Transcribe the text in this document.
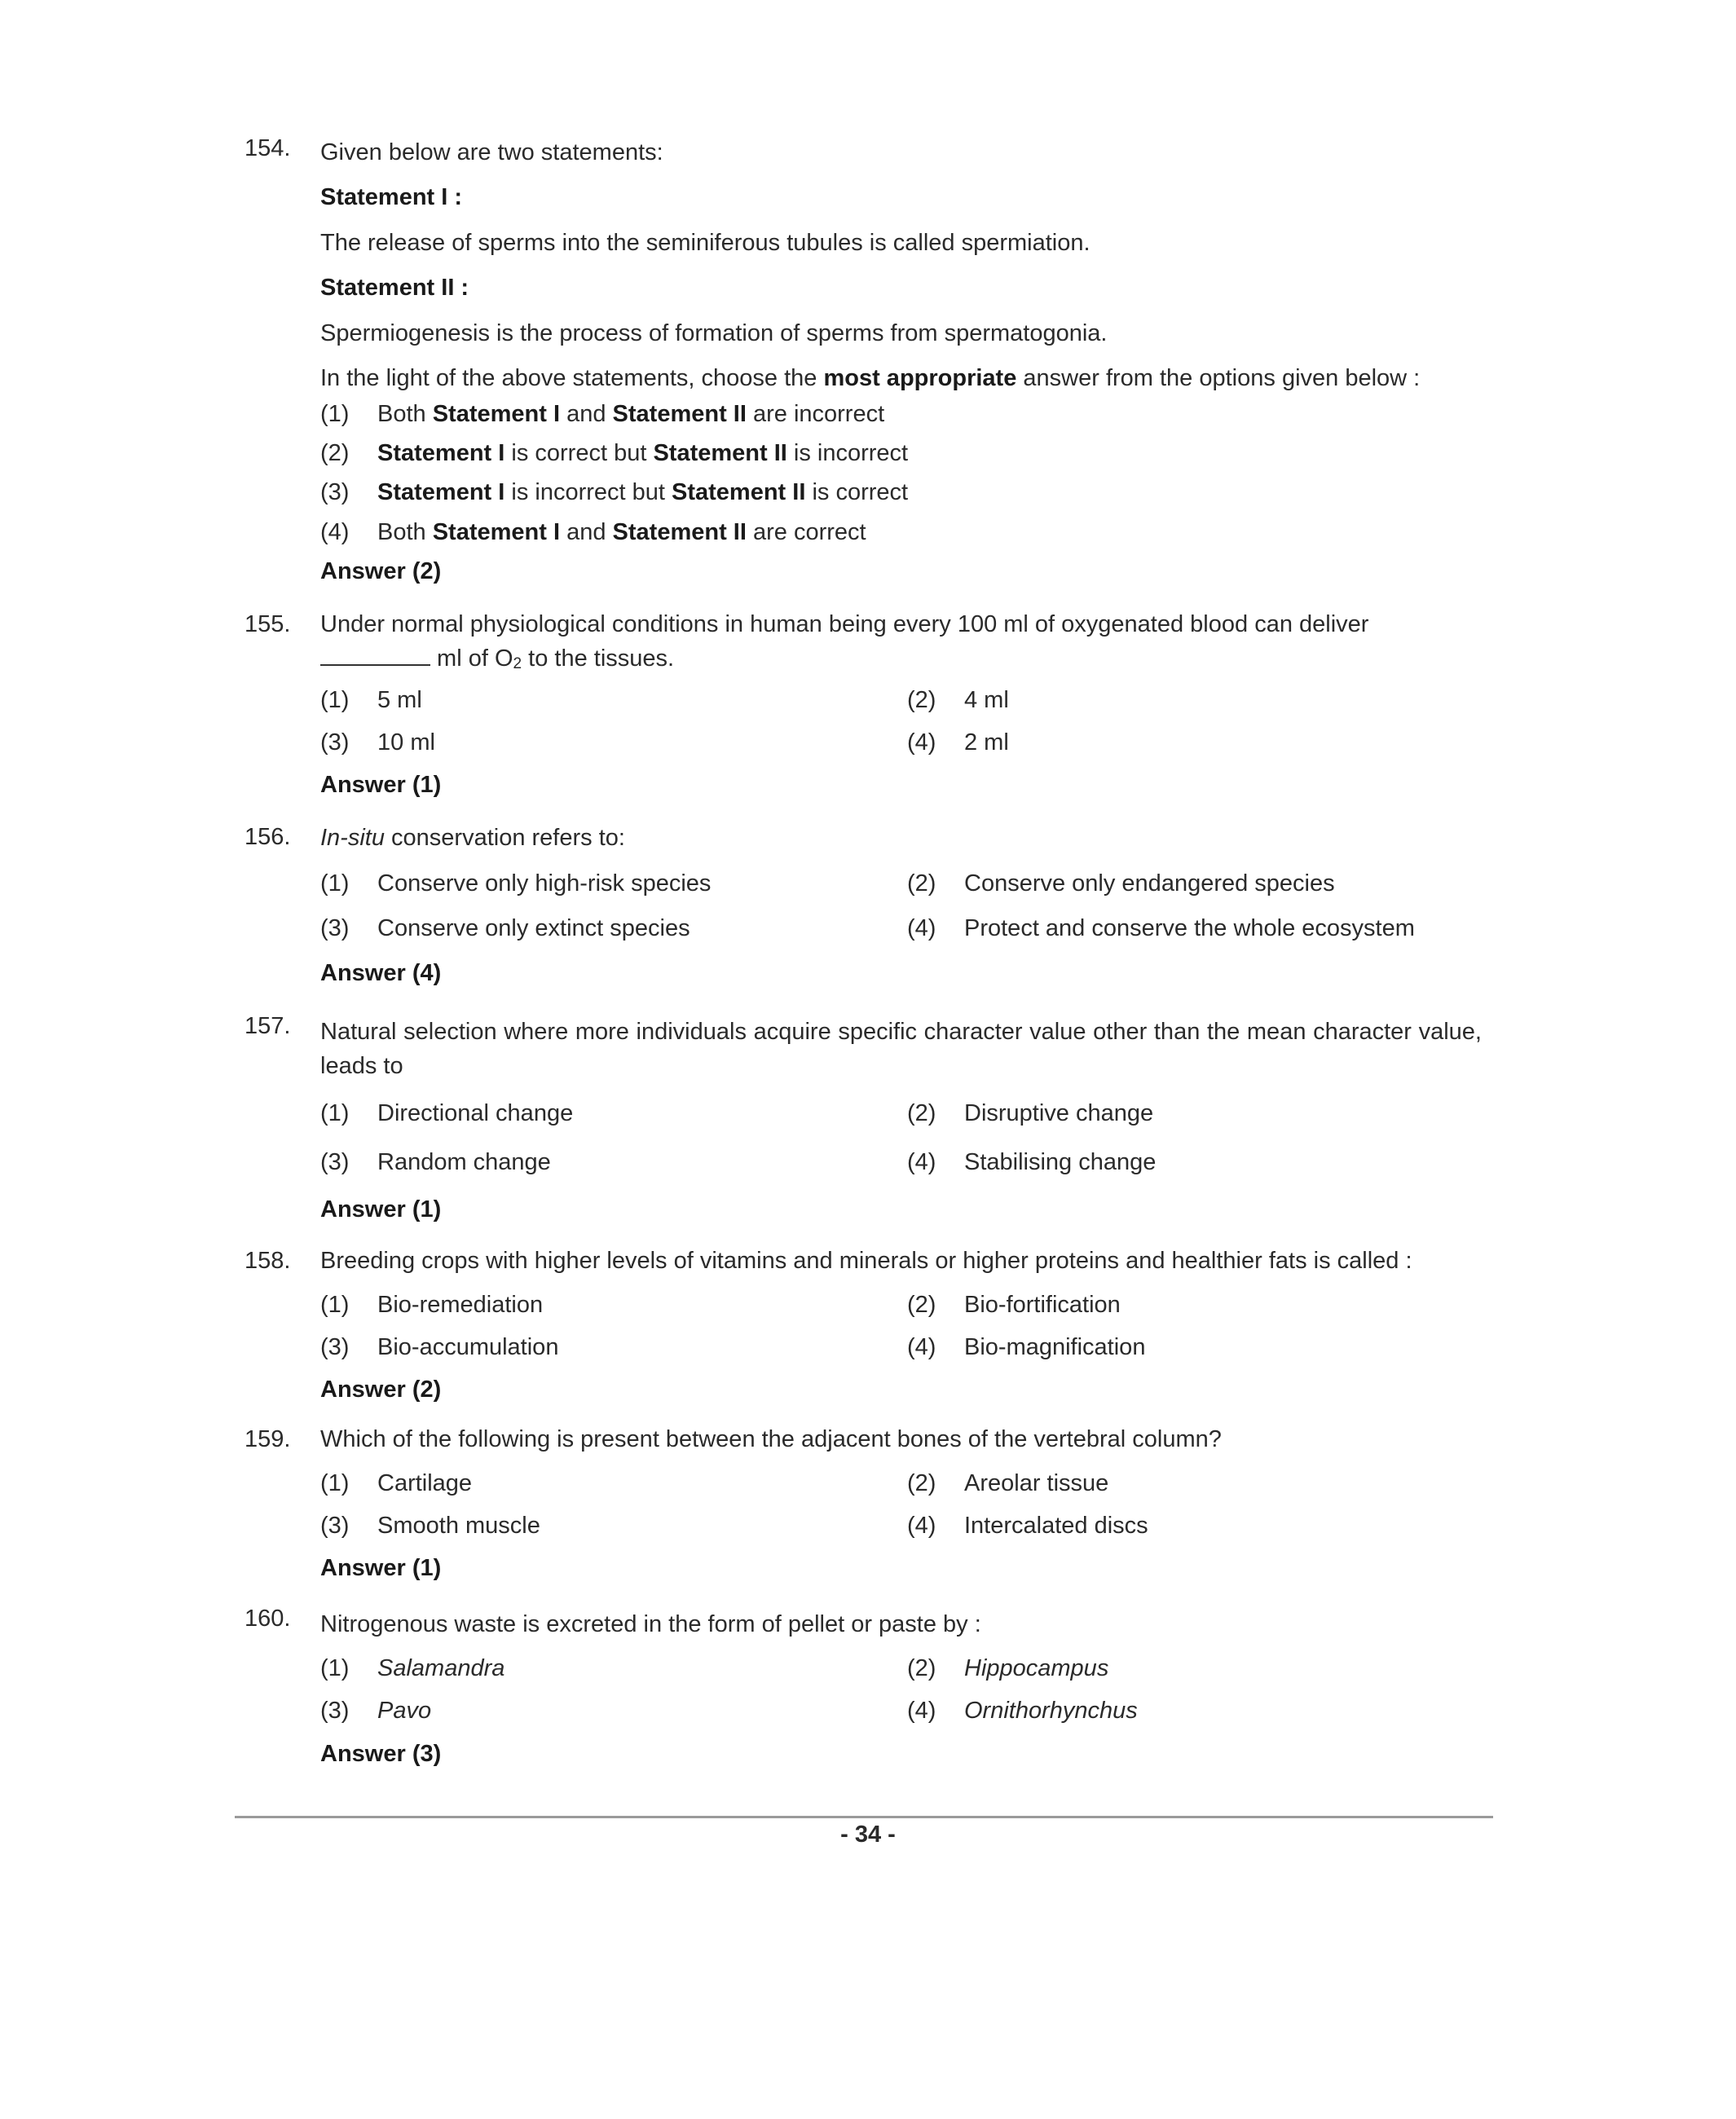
154. Given below are two statements:
Statement I :
The release of sperms into the seminiferous tubules is called spermiation.
Statement II :
Spermiogenesis is the process of formation of sperms from spermatogonia.
In the light of the above statements, choose the most appropriate answer from the options given below :
(1) Both Statement I and Statement II are incorrect
(2) Statement I is correct but Statement II is incorrect
(3) Statement I is incorrect but Statement II is correct
(4) Both Statement I and Statement II are correct
Answer (2)
155. Under normal physiological conditions in human being every 100 ml of oxygenated blood can deliver
ml of O2 to the tissues.
(1) 5 ml	(2) 4 ml
(3) 10 ml	(4) 2 ml
Answer (1)
156. In-situ conservation refers to:
(1) Conserve only high-risk species	(2) Conserve only endangered species
(3) Conserve only extinct species	(4) Protect and conserve the whole ecosystem
Answer (4)
157. Natural selection where more individuals acquire specific character value other than the mean character value, leads to
(1) Directional change	(2) Disruptive change
(3) Random change	(4) Stabilising change
Answer (1)
158. Breeding crops with higher levels of vitamins and minerals or higher proteins and healthier fats is called :
(1) Bio-remediation	(2) Bio-fortification
(3) Bio-accumulation	(4) Bio-magnification
Answer (2)
159. Which of the following is present between the adjacent bones of the vertebral column?
(1) Cartilage	(2) Areolar tissue
(3) Smooth muscle	(4) Intercalated discs
Answer (1)
160. Nitrogenous waste is excreted in the form of pellet or paste by :
(1) Salamandra	(2) Hippocampus
(3) Pavo	(4) Ornithorhynchus
Answer (3)
- 34 -
